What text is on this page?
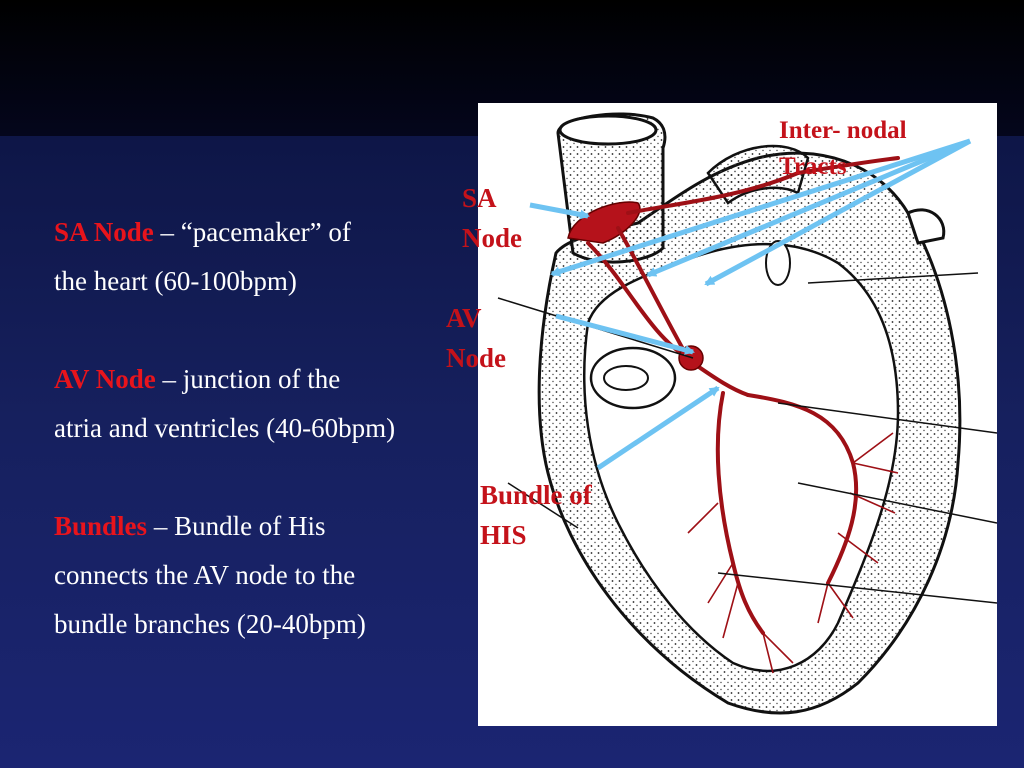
SA Node – “pacemaker” of
the heart (60-100bpm)
AV Node – junction of the
atria and ventricles (40-60bpm)
Bundles – Bundle of His
connects the AV node to the
bundle branches (20-40bpm)
Inter- nodal
Tracts
SA
Node
AV
Node
Bundle of
HIS
